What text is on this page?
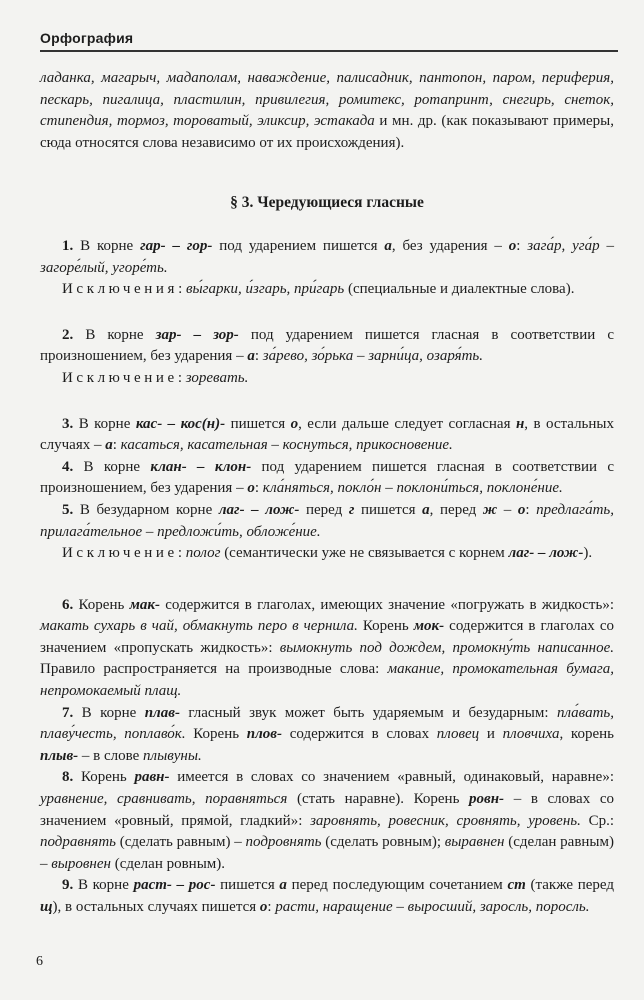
Орфография

ладанка, магарыч, мадаполам, наваждение, палисадник, пантопон, паром, периферия, пескарь, пигалица, пластилин, привилегия, ромитекс, ротапринт, снегирь, снеток, стипендия, тормоз, тороватый, эликсир, эстакада и мн. др. (как показывают примеры, сюда относятся слова независимо от их происхождения).

§ 3. Чередующиеся гласные

1. В корне гар- – гор- под ударением пишется а, без ударения – о: зага́р, уга́р – загоре́лый, угоре́ть.

Исключения: вы́гарки, и́згарь, при́гарь (специальные и диалектные слова).

2. В корне зар- – зор- под ударением пишется гласная в соответствии с произношением, без ударения – а: за́рево, зо́рька – зарни́ца, озаря́ть.

Исключение: зоревать.

3. В корне кас- – кос(н)- пишется о, если дальше следует согласная н, в остальных случаях – а: касаться, касательная – коснуться, прикосновение.

4. В корне клан- – клон- под ударением пишется гласная в соответствии с произношением, без ударения – о: кла́няться, покло́н – поклони́ться, поклоне́ние.

5. В безударном корне лаг- – лож- перед г пишется а, перед ж – о: предлага́ть, прилага́тельное – предложи́ть, обложе́ние.

Исключение: полог (семантически уже не связывается с корнем лаг- – лож-).

6. Корень мак- содержится в глаголах, имеющих значение «погружать в жидкость»: макать сухарь в чай, обмакнуть перо в чернила. Корень мок- содержится в глаголах со значением «пропускать жидкость»: вымокнуть под дождем, промокну́ть написанное. Правило распространяется на производные слова: макание, промокательная бумага, непромокаемый плащ.

7. В корне плав- гласный звук может быть ударяемым и безударным: пла́вать, плаву́честь, поплаво́к. Корень плов- содержится в словах пловец и пловчиха, корень плыв- – в слове плывуны.

8. Корень равн- имеется в словах со значением «равный, одинаковый, наравне»: уравнение, сравнивать, поравняться (стать наравне). Корень ровн- – в словах со значением «ровный, прямой, гладкий»: заровнять, ровесник, сровнять, уровень. Ср.: подравнять (сделать равным) – подровнять (сделать ровным); выравнен (сделан равным) – выровнен (сделан ровным).

9. В корне раст- – рос- пишется а перед последующим сочетанием ст (также перед щ), в остальных случаях пишется о: расти, наращение – выросший, заросль, поросль.

6
